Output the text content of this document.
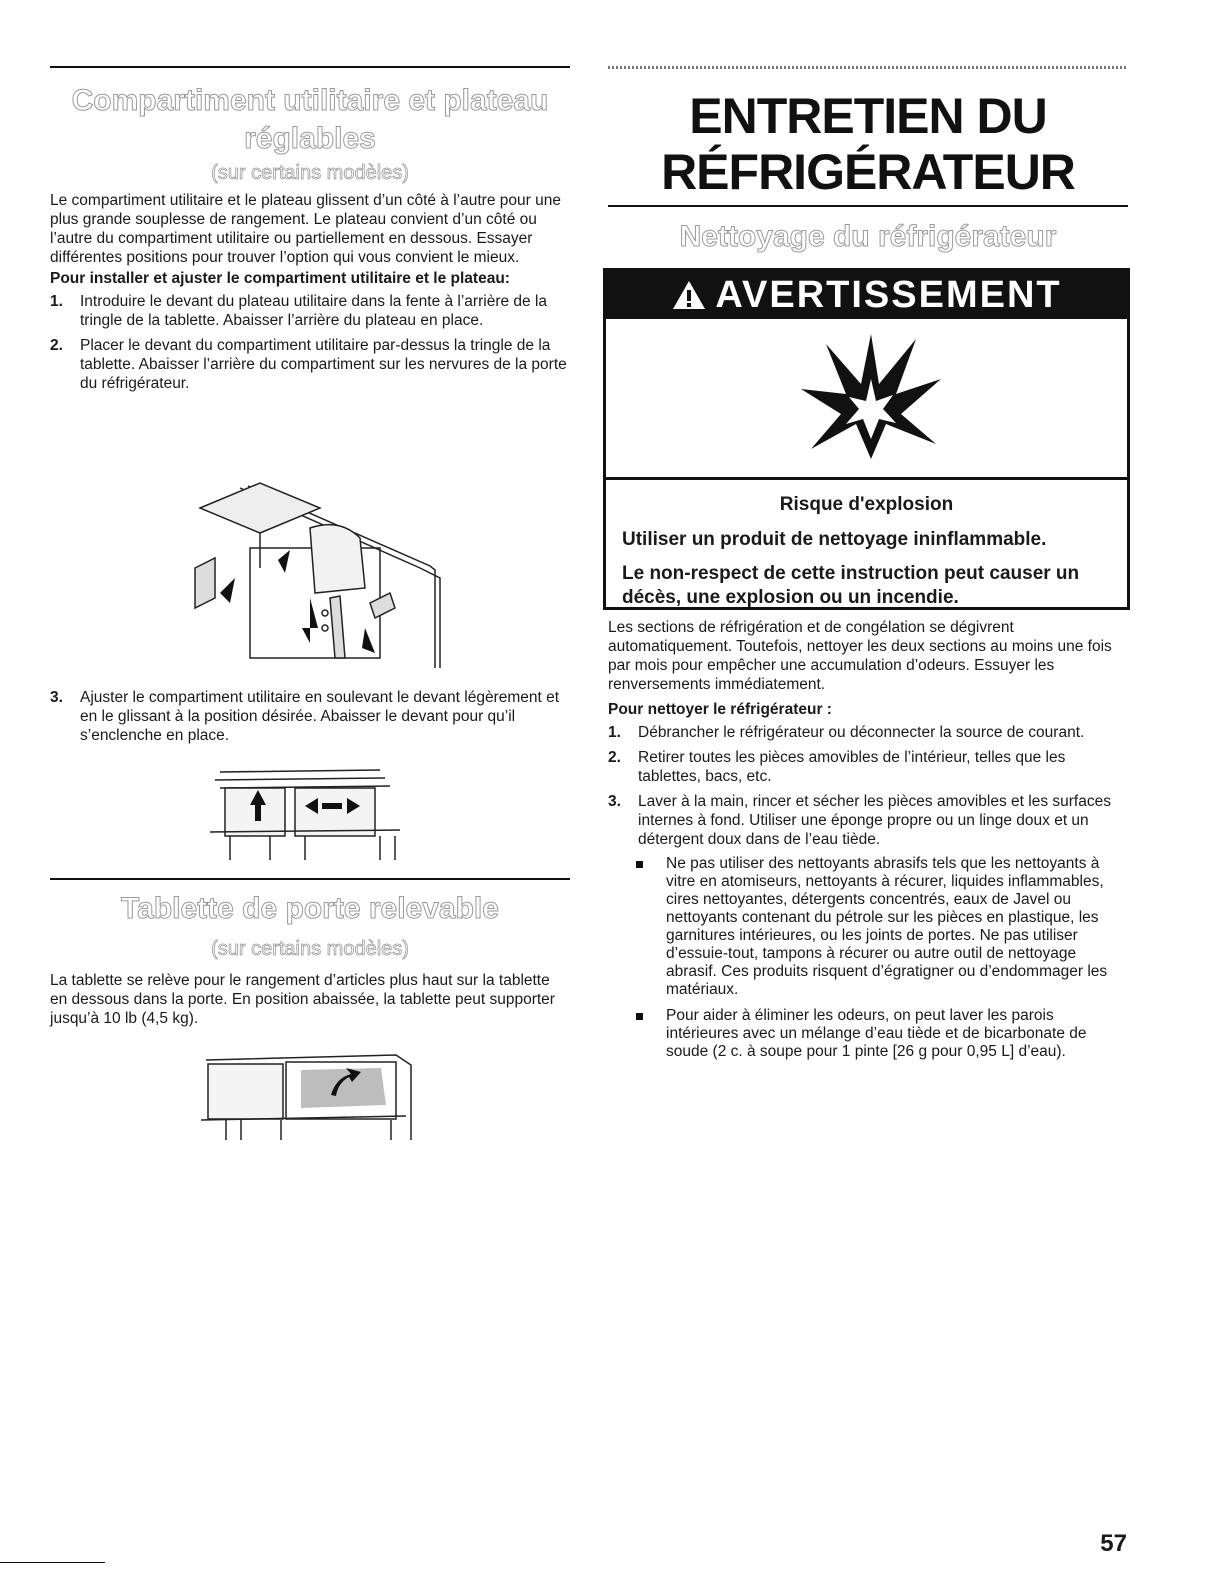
Compartiment utilitaire et plateau
réglables
(sur certains modèles)

Le compartiment utilitaire et le plateau glissent d’un côté à l’autre pour une plus grande souplesse de rangement. Le plateau convient d’un côté ou l’autre du compartiment utilitaire ou partiellement en dessous. Essayer différentes positions pour trouver l’option qui vous convient le mieux.

Pour installer et ajuster le compartiment utilitaire et le plateau:

1. Introduire le devant du plateau utilitaire dans la fente à l’arrière de la tringle de la tablette. Abaisser l’arrière du plateau en place.
2. Placer le devant du compartiment utilitaire par-dessus la tringle de la tablette. Abaisser l’arrière du compartiment sur les nervures de la porte du réfrigérateur.
3. Ajuster le compartiment utilitaire en soulevant le devant légèrement et en le glissant à la position désirée. Abaisser le devant pour qu’il s’enclenche en place.
Tablette de porte relevable
(sur certains modèles)

La tablette se relève pour le rangement d’articles plus haut sur la tablette en dessous dans la porte. En position abaissée, la tablette peut supporter jusqu’à 10 lb (4,5 kg).

ENTRETIEN DU
RÉFRIGÉRATEUR
Nettoyage du réfrigérateur
AVERTISSEMENT
Risque d'explosion
Utiliser un produit de nettoyage ininflammable.
Le non-respect de cette instruction peut causer un décès, une explosion ou un incendie.

Les sections de réfrigération et de congélation se dégivrent automatiquement. Toutefois, nettoyer les deux sections au moins une fois par mois pour empêcher une accumulation d’odeurs. Essuyer les renversements immédiatement.

Pour nettoyer le réfrigérateur :

1. Débrancher le réfrigérateur ou déconnecter la source de courant.
2. Retirer toutes les pièces amovibles de l’intérieur, telles que les tablettes, bacs, etc.
3. Laver à la main, rincer et sécher les pièces amovibles et les surfaces internes à fond. Utiliser une éponge propre ou un linge doux et un détergent doux dans de l’eau tiède.
Ne pas utiliser des nettoyants abrasifs tels que les nettoyants à vitre en atomiseurs, nettoyants à récurer, liquides inflammables, cires nettoyantes, détergents concentrés, eaux de Javel ou nettoyants contenant du pétrole sur les pièces en plastique, les garnitures intérieures, ou les joints de portes. Ne pas utiliser d’essuie-tout, tampons à récurer ou autre outil de nettoyage abrasif. Ces produits risquent d’égratigner ou d’endommager les matériaux.
Pour aider à éliminer les odeurs, on peut laver les parois intérieures avec un mélange d’eau tiède et de bicarbonate de soude (2 c. à soupe pour 1 pinte [26 g pour 0,95 L] d’eau).
57
